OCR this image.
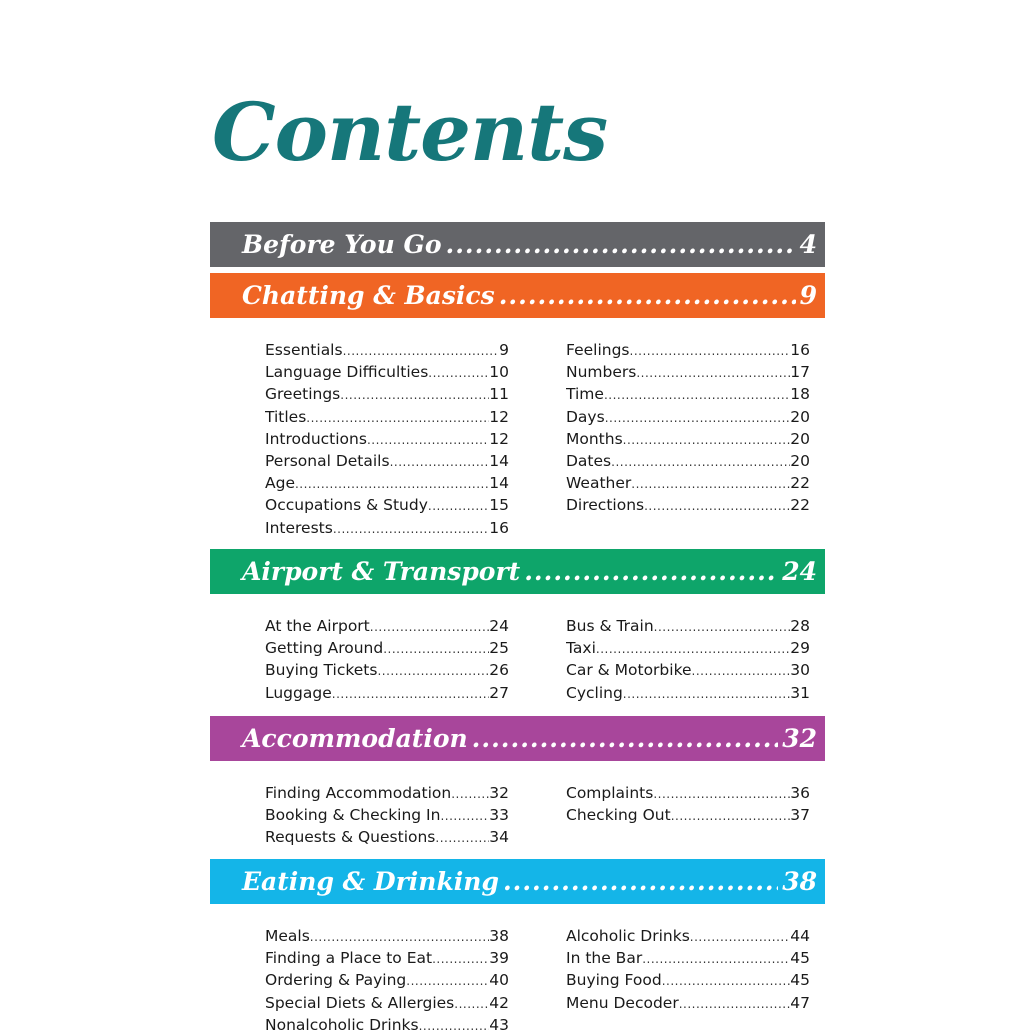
Contents
Before You Go .....	4
Chatting & Basics .....	9
Essentials .....	9
Language Difficulties .....	10
Greetings .....	11
Titles .....	12
Introductions .....	12
Personal Details .....	14
Age .....	14
Occupations & Study .....	15
Interests .....	16
Feelings .....	16
Numbers .....	17
Time .....	18
Days .....	20
Months .....	20
Dates .....	20
Weather .....	22
Directions .....	22
Airport & Transport .....	24
At the Airport .....	24
Getting Around .....	25
Buying Tickets .....	26
Luggage .....	27
Bus & Train .....	28
Taxi .....	29
Car & Motorbike .....	30
Cycling .....	31
Accommodation .....	32
Finding Accommodation ..... 32
Booking & Checking In .....	33
Requests & Questions .....	34
Complaints .....	36
Checking Out .....	37
Eating & Drinking .....	38
Meals .....	38
Finding a Place to Eat .....	39
Ordering & Paying .....	40
Special Diets & Allergies ..... 42
Nonalcoholic Drinks .....	43
Alcoholic Drinks .....	44
In the Bar .....	45
Buying Food .....	45
Menu Decoder .....	47
